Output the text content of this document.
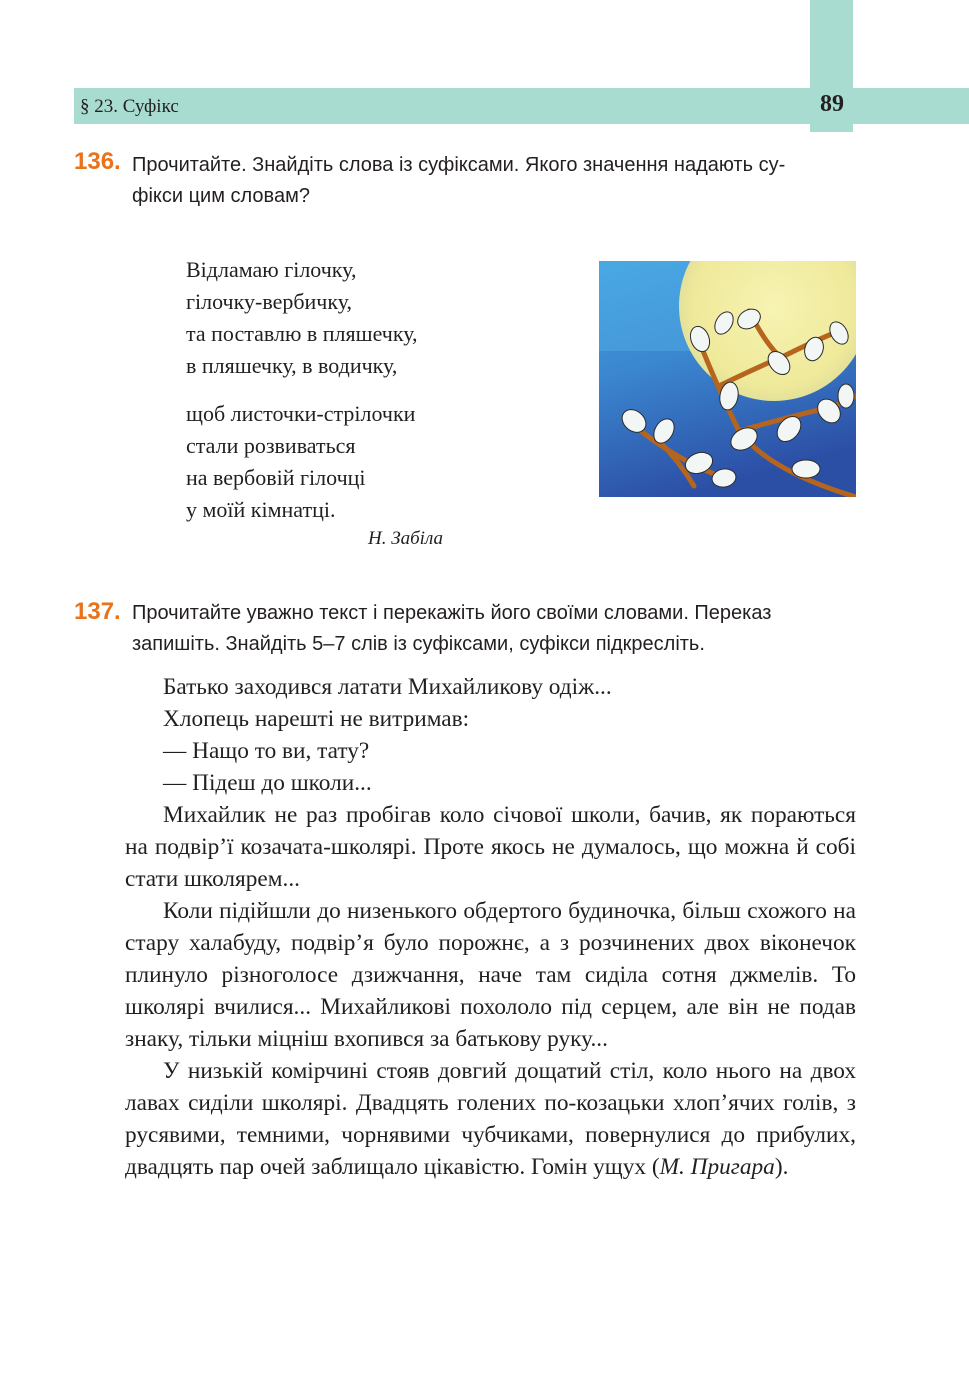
§ 23. Суфікс	89
136. Прочитайте. Знайдіть слова із суфіксами. Якого значення надають су-
фікси цим словам?
Відламаю гілочку,
гілочку-вербичку,
та поставлю в пляшечку,
в пляшечку, в водичку,
щоб листочки-стрілочки
стали розвиваться
на вербовій гілочці
у моїй кімнатці.
Н. Забіла
137. Прочитайте уважно текст і перекажіть його своїми словами. Переказ
запишіть. Знайдіть 5–7 слів із суфіксами, суфікси підкресліть.
Батько заходився латати Михайликову одіж...
Хлопець нарешті не витримав:
— Нащо то ви, тату?
— Підеш до школи...

Михайлик не раз пробігав коло січової школи, бачив, як пораються на подвір’ї козачата-школярі. Проте якось не думалось, що можна й собі стати школярем...

Коли підійшли до низенького обдертого будиночка, більш схожого на стару халабуду, подвір’я було порожнє, а з розчинених двох віконечок плинуло різноголосе дзижчання, наче там сиділа сотня джмелів. То школярі вчилися... Михайликові похололо під серцем, але він не подав знаку, тільки міцніш вхопився за батькову руку...

У низькій комірчині стояв довгий дощатий стіл, коло нього на двох лавах сиділи школярі. Двадцять голених по-козацьки хлоп’ячих голів, з русявими, темними, чорнявими чубчиками, повернулися до прибулих, двадцять пар очей заблищало цікавістю. Гомін ущух (М. Пригара).
